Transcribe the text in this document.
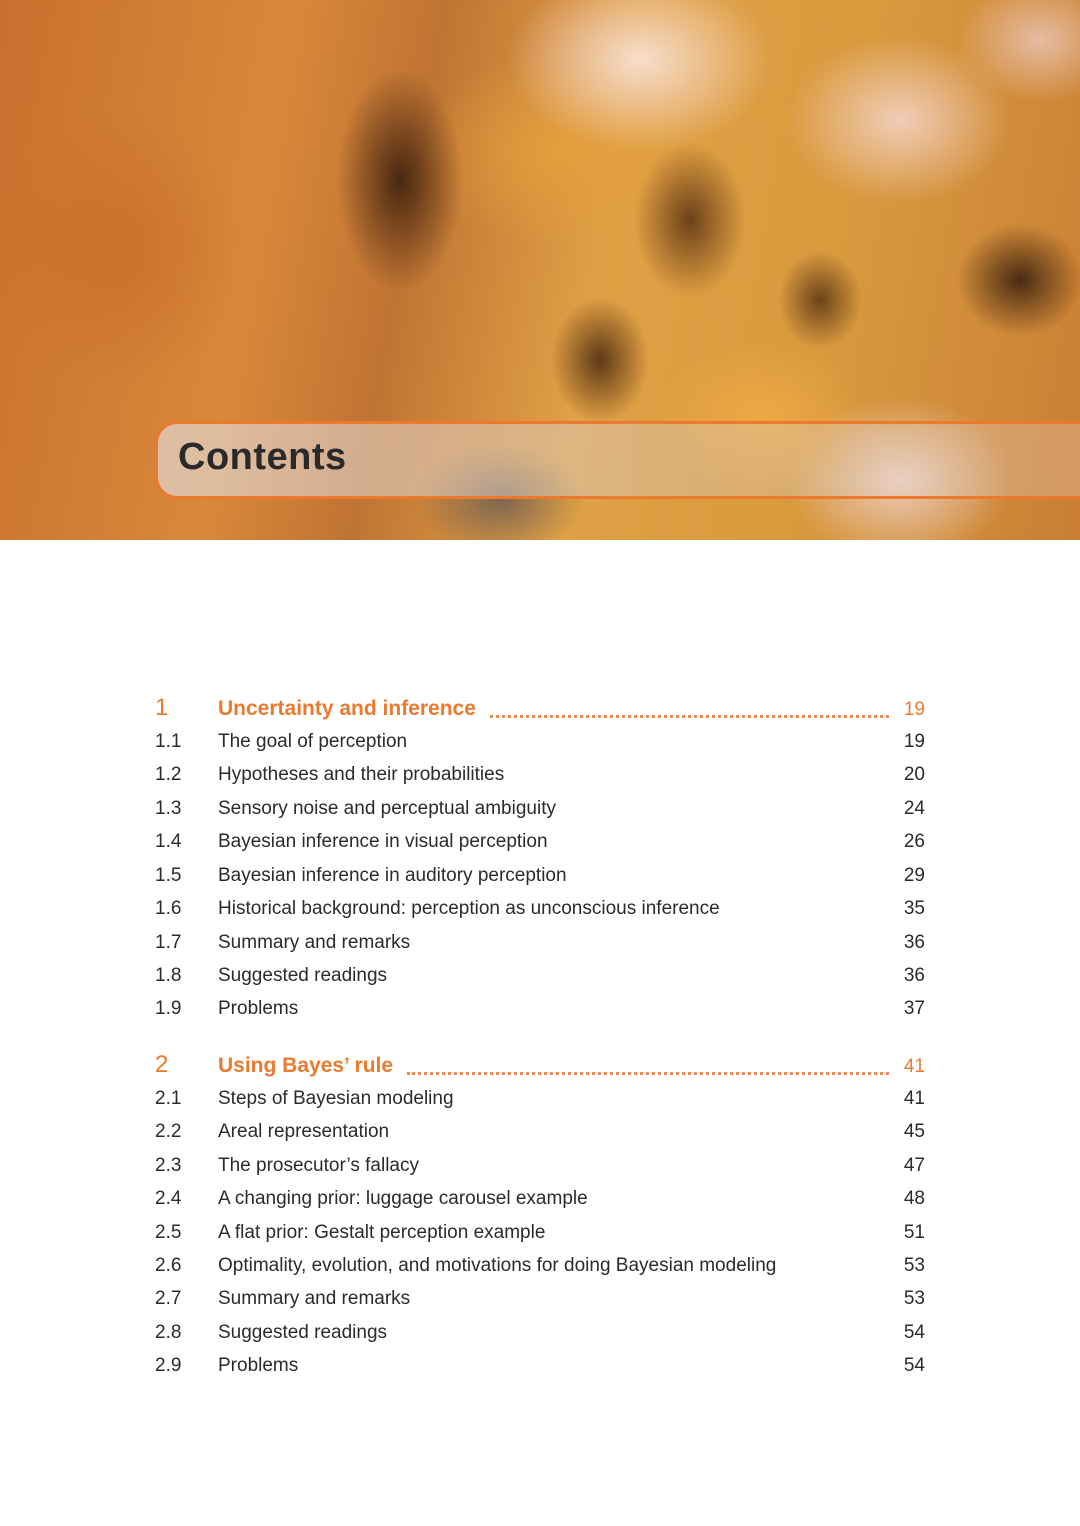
Contents
1	Uncertainty and inference	19
1.1	The goal of perception	19
1.2	Hypotheses and their probabilities	20
1.3	Sensory noise and perceptual ambiguity	24
1.4	Bayesian inference in visual perception	26
1.5	Bayesian inference in auditory perception	29
1.6	Historical background: perception as unconscious inference	35
1.7	Summary and remarks	36
1.8	Suggested readings	36
1.9	Problems	37
2	Using Bayes’ rule	41
2.1	Steps of Bayesian modeling	41
2.2	Areal representation	45
2.3	The prosecutor’s fallacy	47
2.4	A changing prior: luggage carousel example	48
2.5	A flat prior: Gestalt perception example	51
2.6	Optimality, evolution, and motivations for doing Bayesian modeling	53
2.7	Summary and remarks	53
2.8	Suggested readings	54
2.9	Problems	54
